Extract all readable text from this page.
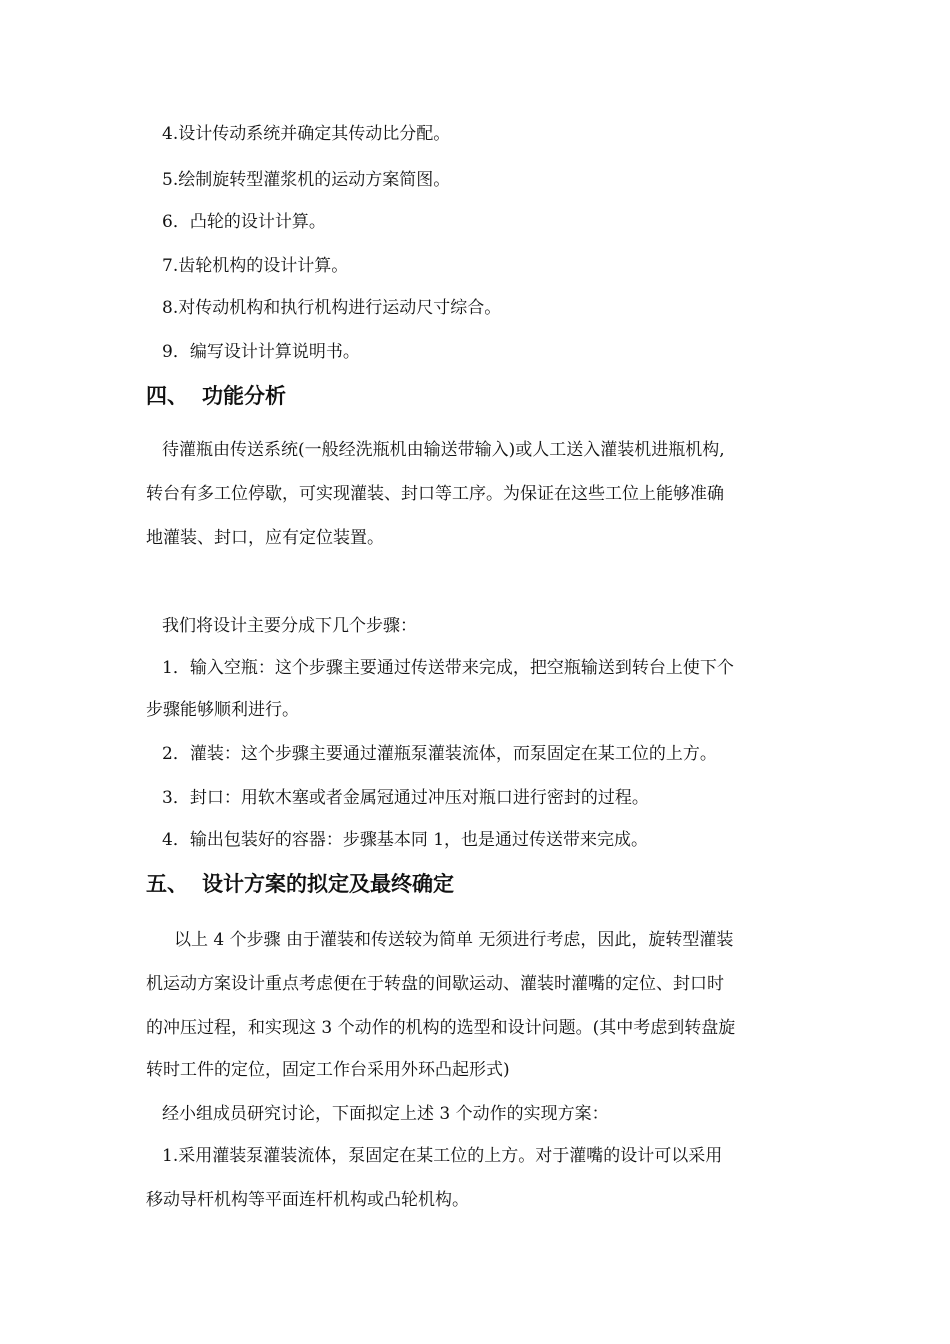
4.设计传动系统并确定其传动比分配。
5.绘制旋转型灌浆机的运动方案简图。
6．凸轮的设计计算。
7.齿轮机构的设计计算。
8.对传动机构和执行机构进行运动尺寸综合。
9．编写设计计算说明书。
四、 功能分析
待灌瓶由传送系统(一般经洗瓶机由输送带输入)或人工送入灌装机进瓶机构,
转台有多工位停歇，可实现灌装、封口等工序。为保证在这些工位上能够准确
地灌装、封口，应有定位装置。
我们将设计主要分成下几个步骤：
1．输入空瓶：这个步骤主要通过传送带来完成，把空瓶输送到转台上使下个
步骤能够顺利进行。
2．灌装：这个步骤主要通过灌瓶泵灌装流体，而泵固定在某工位的上方。
3．封口：用软木塞或者金属冠通过冲压对瓶口进行密封的过程。
4．输出包装好的容器：步骤基本同 1，也是通过传送带来完成。
五、 设计方案的拟定及最终确定
以上 4 个步骤 由于灌装和传送较为简单 无须进行考虑，因此，旋转型灌装
机运动方案设计重点考虑便在于转盘的间歇运动、灌装时灌嘴的定位、封口时
的冲压过程，和实现这 3 个动作的机构的选型和设计问题。(其中考虑到转盘旋
转时工件的定位，固定工作台采用外环凸起形式)
经小组成员研究讨论，下面拟定上述 3 个动作的实现方案：
1.采用灌装泵灌装流体，泵固定在某工位的上方。对于灌嘴的设计可以采用
移动导杆机构等平面连杆机构或凸轮机构。
